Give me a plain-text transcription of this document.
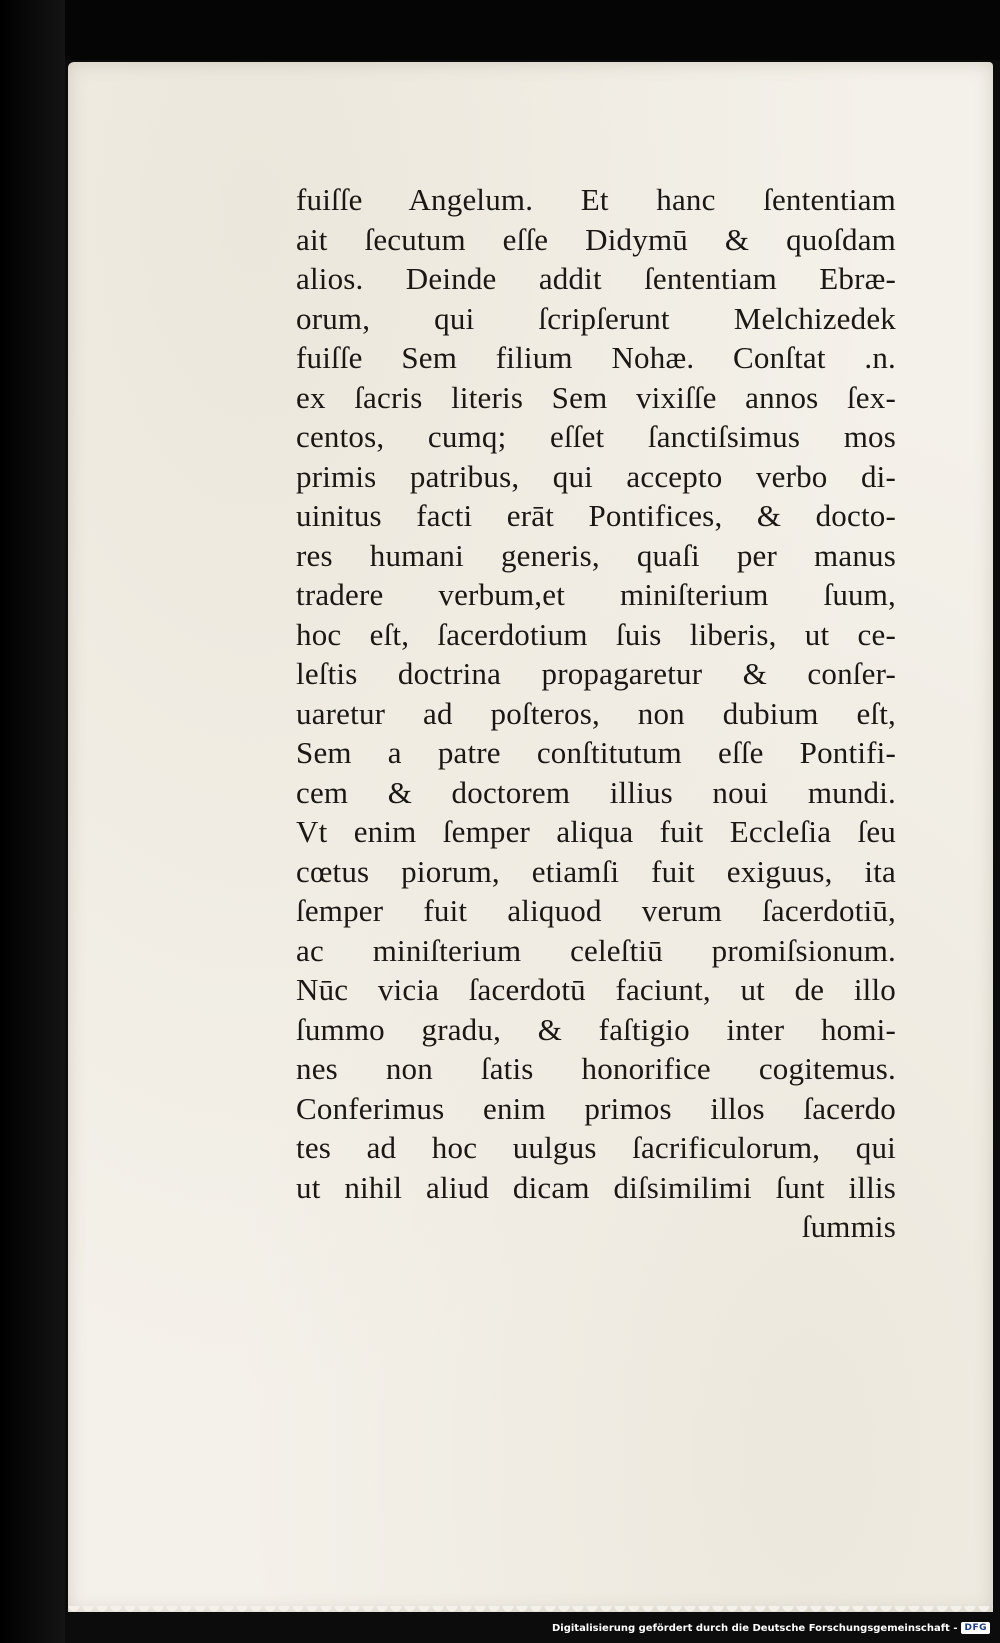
fuiſſe Angelum. Et hanc ſententiam
ait ſecutum eſſe Didymū & quoſdam
alios. Deinde addit ſententiam Ebræ-
orum, qui ſcripſerunt Melchizedek
fuiſſe Sem filium Nohæ. Conſtat .n.
ex ſacris literis Sem vixiſſe annos ſex-
centos, cumq; eſſet ſanctiſsimus mos
primis patribus, qui accepto verbo di-
uinitus facti erāt Pontifices, & docto-
res humani generis, quaſi per manus
tradere verbum,et miniſterium ſuum,
hoc eſt, ſacerdotium ſuis liberis, ut ce-
leſtis doctrina propagaretur & conſer-
uaretur ad poſteros, non dubium eſt,
Sem a patre conſtitutum eſſe Pontifi-
cem & doctorem illius noui mundi.
Vt enim ſemper aliqua fuit Eccleſia ſeu
cœtus piorum, etiamſi fuit exiguus, ita
ſemper fuit aliquod verum ſacerdotiū,
ac miniſterium celeſtiū promiſsionum.
Nūc vicia ſacerdotū faciunt, ut de illo
ſummo gradu, & faſtigio inter homi-
nes non ſatis honorifice cogitemus.
Conferimus enim primos illos ſacerdo
tes ad hoc uulgus ſacrificulorum, qui
ut nihil aliud dicam diſsimilimi ſunt illis
ſummis
Digitalisierung gefördert durch die Deutsche Forschungsgemeinschaft - DFG
